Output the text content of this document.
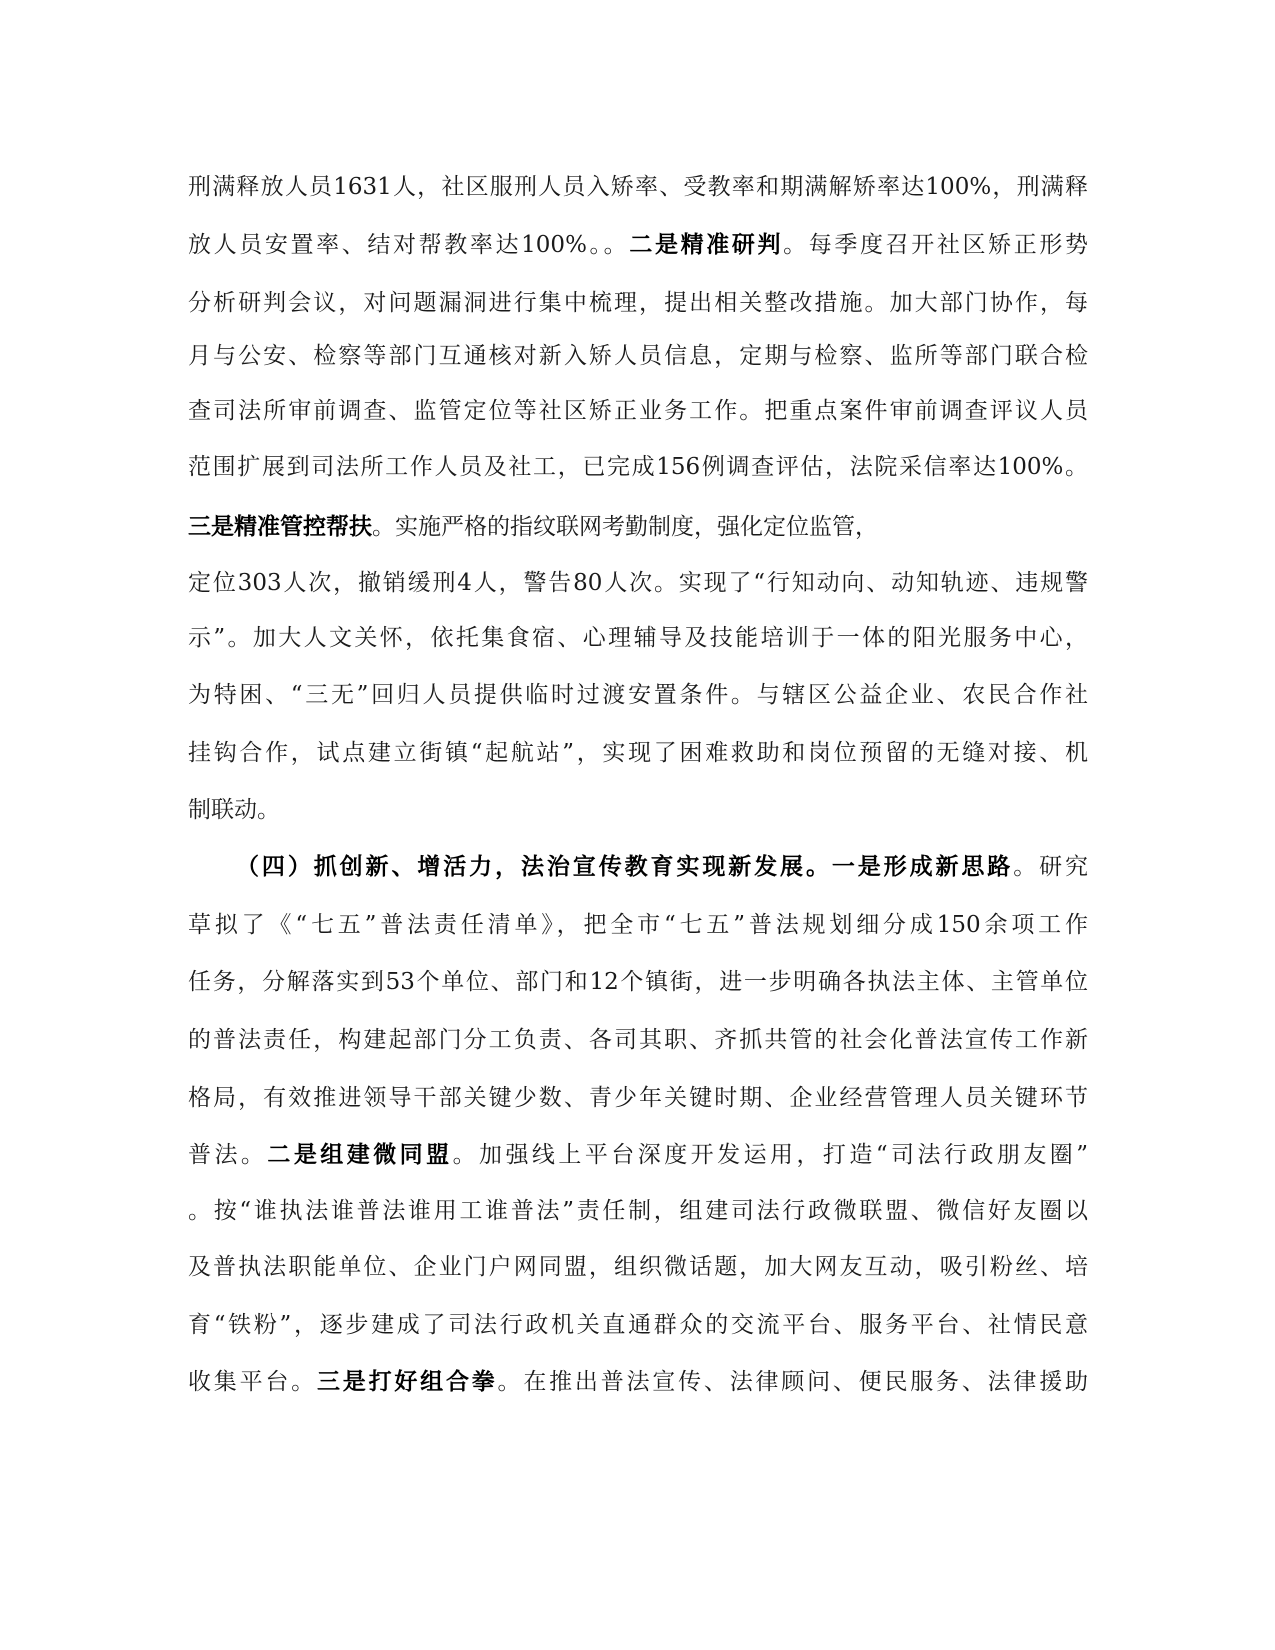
刑满释放人员1631人，社区服刑人员入矫率、受教率和期满解矫率达100%，刑满释
放人员安置率、结对帮教率达100%。。二是精准研判。每季度召开社区矫正形势
分析研判会议，对问题漏洞进行集中梳理，提出相关整改措施。加大部门协作，每
月与公安、检察等部门互通核对新入矫人员信息，定期与检察、监所等部门联合检
查司法所审前调查、监管定位等社区矫正业务工作。把重点案件审前调查评议人员
范围扩展到司法所工作人员及社工，已完成156例调查评估，法院采信率达100%。
三是精准管控帮扶。实施严格的指纹联网考勤制度，强化定位监管，
定位303人次，撤销缓刑4人，警告80人次。实现了“行知动向、动知轨迹、违规警
示”。加大人文关怀，依托集食宿、心理辅导及技能培训于一体的阳光服务中心，
为特困、“三无”回归人员提供临时过渡安置条件。与辖区公益企业、农民合作社
挂钩合作，试点建立街镇“起航站”，实现了困难救助和岗位预留的无缝对接、机
制联动。
（四）抓创新、增活力，法治宣传教育实现新发展。一是形成新思路。研究
草拟了《“七五”普法责任清单》，把全市“七五”普法规划细分成150余项工作
任务，分解落实到53个单位、部门和12个镇街，进一步明确各执法主体、主管单位
的普法责任，构建起部门分工负责、各司其职、齐抓共管的社会化普法宣传工作新
格局，有效推进领导干部关键少数、青少年关键时期、企业经营管理人员关键环节
普法。二是组建微同盟。加强线上平台深度开发运用，打造“司法行政朋友圈”
。按“谁执法谁普法谁用工谁普法”责任制，组建司法行政微联盟、微信好友圈以
及普执法职能单位、企业门户网同盟，组织微话题，加大网友互动，吸引粉丝、培
育“铁粉”，逐步建成了司法行政机关直通群众的交流平台、服务平台、社情民意
收集平台。三是打好组合拳。在推出普法宣传、法律顾问、便民服务、法律援助
